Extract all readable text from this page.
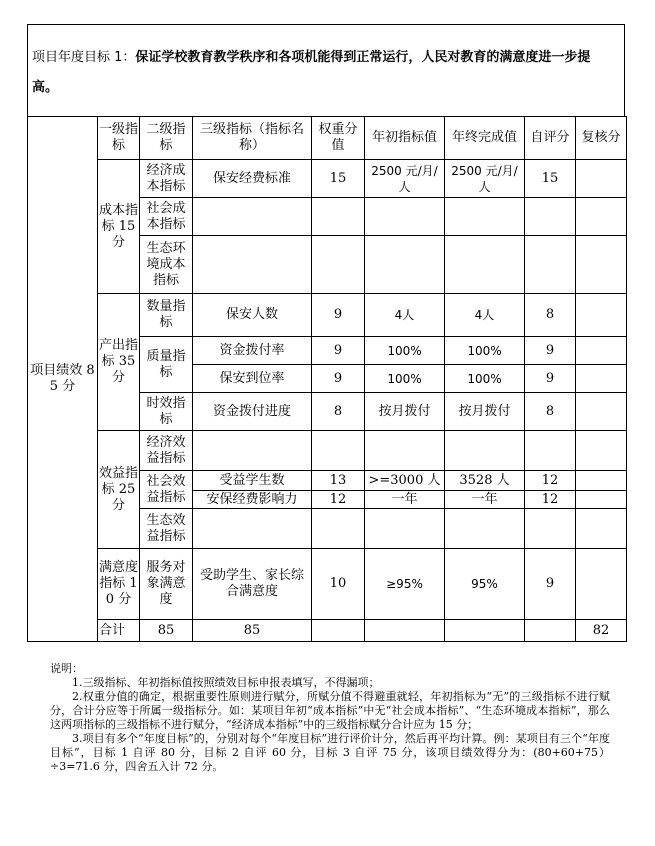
项目年度目标 1：保证学校教育教学秩序和各项机能得到正常运行，人民对教育的满意度进一步提高。
项目绩效 85 分	一级指标	二级指标	三级指标（指标名称）	权重分值	年初指标值	年终完成值	自评分	复核分	
	成本指标 15 分	经济成本指标	保安经费标准	15	2500 元/月/人	2500 元/月/人	15		
		社会成本指标							
		生态环境成本指标							
	产出指标 35 分	数量指标	保安人数	9	4人	4人	8		
		质量指标	资金拨付率	9	100%	100%	9		
			保安到位率	9	100%	100%	9		
		时效指标	资金拨付进度	8	按月拨付	按月拨付	8		
	效益指标 25 分	经济效益指标							
		社会效益指标	受益学生数	13	>=3000 人	3528 人	12		
			安保经费影响力	12	一年	一年	12		
		生态效益指标							
	满意度指标 10 分	服务对象满意度	受助学生、家长综合满意度	10	≥95%	95%	9		
	合计	85	85					82	

说明：

1.三级指标、年初指标值按照绩效目标申报表填写，不得漏项；

2.权重分值的确定，根据重要性原则进行赋分，所赋分值不得避重就轻，年初指标为“无”的三级指标不进行赋分，合计分应等于所属一级指标分。如：某项目年初“成本指标”中无“社会成本指标”、“生态环境成本指标”，那么这两项指标的三级指标不进行赋分，“经济成本指标”中的三级指标赋分合计应为 15 分；

3.项目有多个“年度目标”的，分别对每个“年度目标”进行评价计分，然后再平均计算。例：某项目有三个“年度目标”，目标 1 自评 80 分，目标 2 自评 60 分，目标 3 自评 75 分，该项目绩效得分为：(80+60+75）÷3=71.6 分，四舍五入计 72 分。
